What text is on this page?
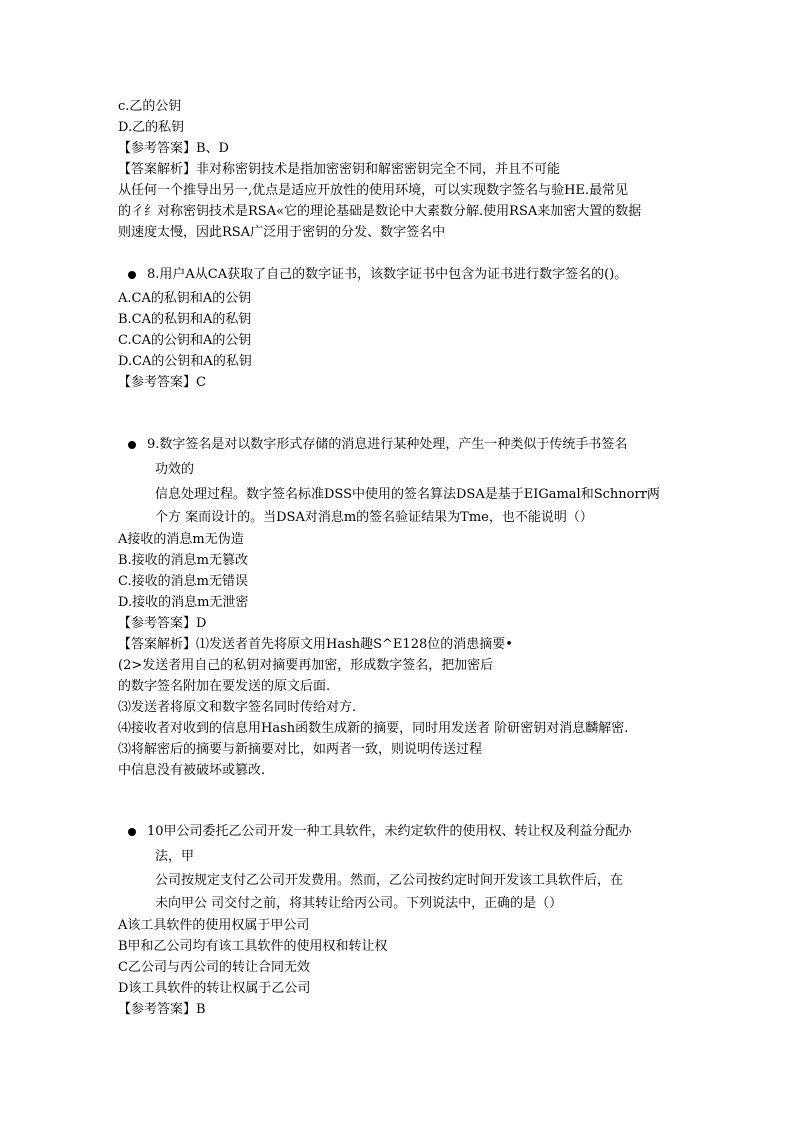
c.乙的公钥
D.乙的私钥
【参考答案】B、D
【答案解析】非对称密钥技术是指加密密钥和解密密钥完全不同，并且不可能
从任何一个推导出另一,优点是适应开放性的使用环境，可以实现数字签名与验HE.最常见
的彳纟对称密钥技术是RSA«它的理论基础是数论中大素数分解.使用RSA来加密大置的数据
则速度太慢，因此RSA广泛用于密钥的分发、数字签名中
8.用户A从CA获取了自己的数字证书，该数字证书中包含为证书进行数字签名的()。
A.CA的私钥和A的公钥
B.CA的私钥和A的私钥
C.CA的公钥和A的公钥
D.CA的公钥和A的私钥
【参考答案】C
9.数字签名是对以数字形式存储的消息进行某种处理，产生一种类似于传统手书签名
功效的
信息处理过程。数字签名标准DSS中使用的签名算法DSA是基于EIGamal和Schnorr两
个方 案而设计的。当DSA对消息m的签名验证结果为Tme，也不能说明（）
A接收的消息m无伪造
B.接收的消息m无篡改
C.接收的消息m无错误
D.接收的消息m无泄密
【参考答案】D
【答案解析】⑴发送者首先将原文用Hash趣S^E128位的消患摘要•
(2>发送者用自己的私钥对摘要再加密，形成数字签名，把加密后
的数字签名附加在要发送的原文后面.
⑶发送者将原文和数字签名同时传给对方.
⑷接收者对收到的信息用Hash函数生成新的摘要，同时用发送者 阶研密钥对消息麟解密.
⑶将解密后的摘要与新摘要对比，如两者一致，则说明传送过程
中信息没有被破坏或篡改.
10甲公司委托乙公司开发一种工具软件，未约定软件的使用权、转让权及利益分配办
法，甲
公司按规定支付乙公司开发费用。然而，乙公司按约定时间开发该工具软件后，在
未向甲公 司交付之前，将其转让给丙公司。下列说法中，正确的是（）
A该工具软件的使用权属于甲公司
B甲和乙公司均有该工具软件的使用权和转让权
C乙公司与丙公司的转让合同无效
D该工具软件的转让权属于乙公司
【参考答案】B
